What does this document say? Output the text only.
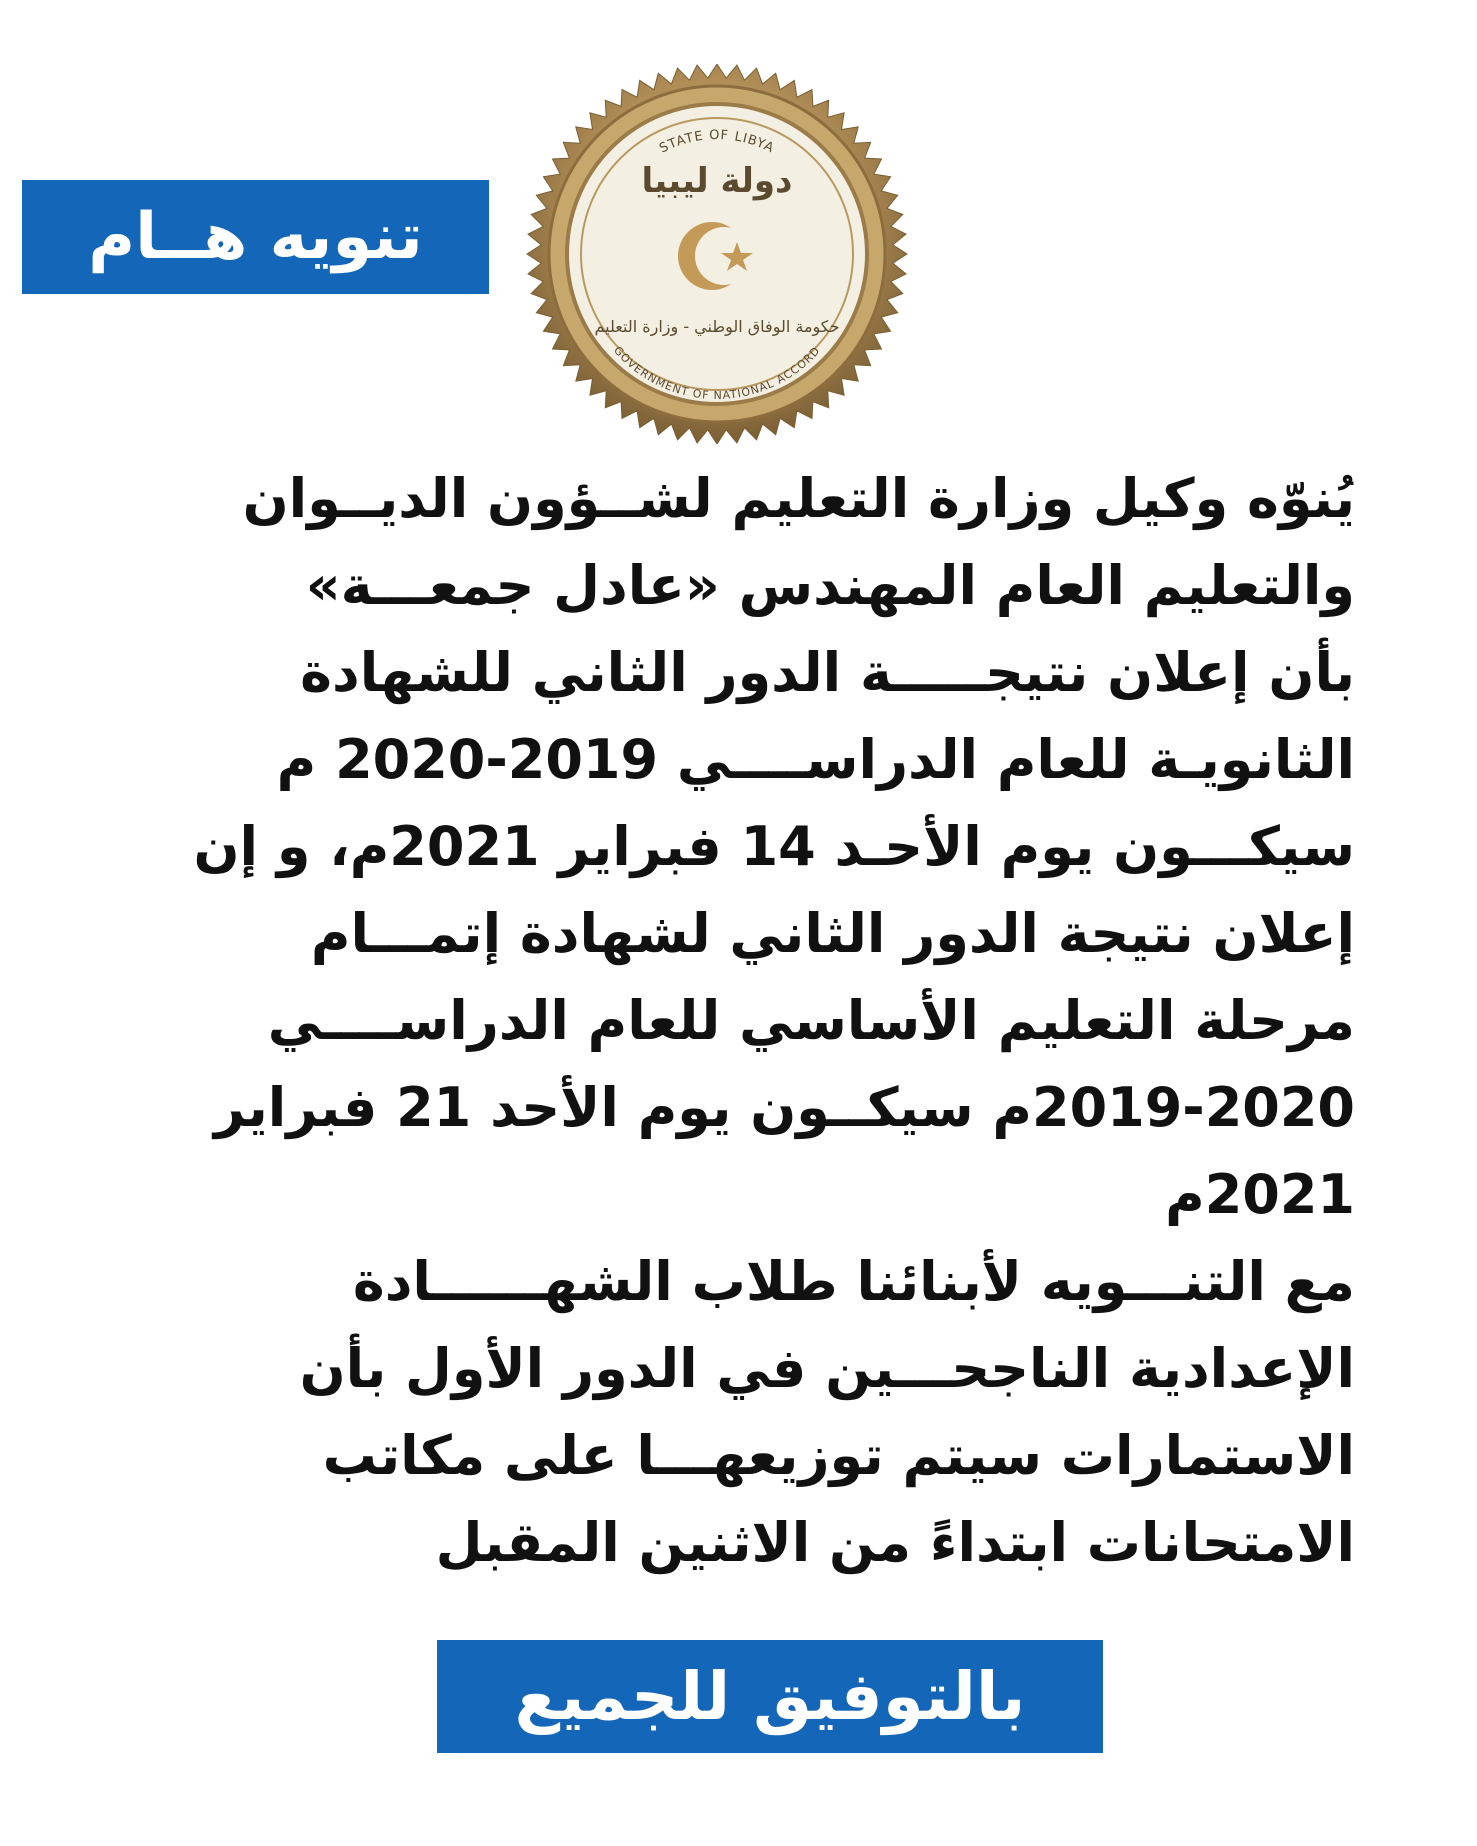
تنويه هــام
STATE OF LIBYA
GOVERNMENT OF NATIONAL ACCORD
دولة ليبيا
حكومة الوفاق الوطني - وزارة التعليم
يُنوّه وكيل وزارة التعليم لشــؤون الديــوان
والتعليم العام المهندس «عادل جمعـــة»
بأن إعلان نتيجـــــة الدور الثاني للشهادة
الثانويـة للعام الدراســــي 2019-2020 م
سيكـــون يوم الأحـد 14 فبراير 2021م، و إن
إعلان نتيجة الدور الثاني لشهادة إتمـــام
مرحلة التعليم الأساسي للعام الدراســــي
2019-2020م سيكــون يوم الأحد 21 فبراير
2021م
مع التنـــويه لأبنائنا طلاب الشهــــــادة
الإعدادية الناجحـــين في الدور الأول بأن
الاستمارات سيتم توزيعهـــا على مكاتب
الامتحانات ابتداءً من الاثنين المقبل
بالتوفيق للجميع
